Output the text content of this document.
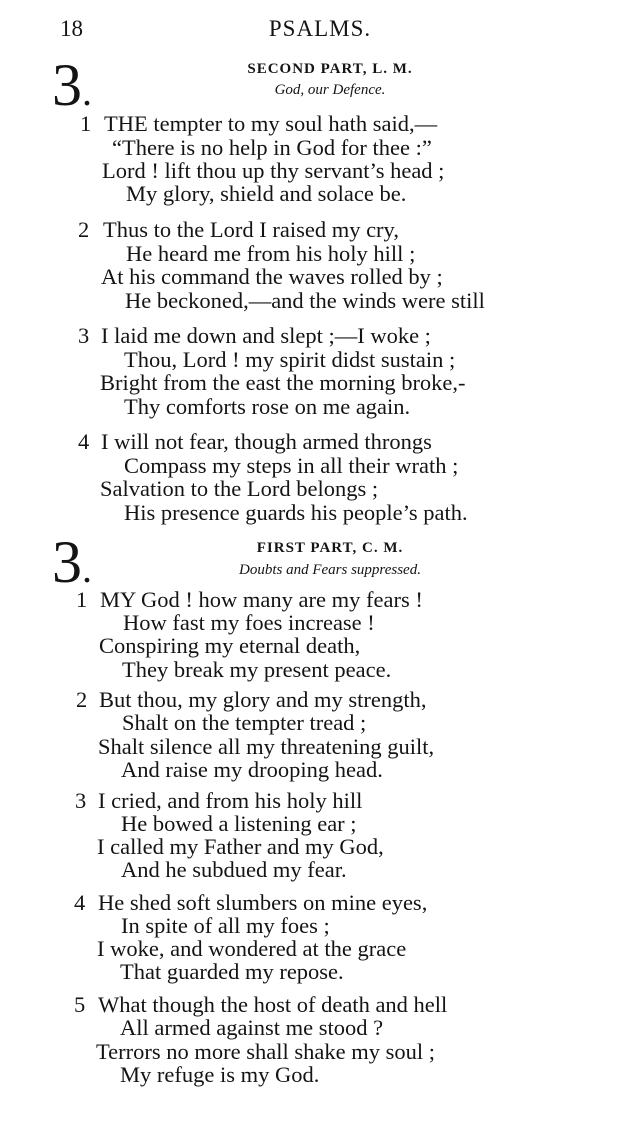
18	PSALMS.
3.	SECOND PART, L. M.
God, our Defence.
1 THE tempter to my soul hath said,—
“There is no help in God for thee :”
Lord ! lift thou up thy servant’s head ;
My glory, shield and solace be.
2 Thus to the Lord I raised my cry,
He heard me from his holy hill ;
At his command the waves rolled by ;
He beckoned,—and the winds were still
3 I laid me down and slept ;—I woke ;
Thou, Lord ! my spirit didst sustain ;
Bright from the east the morning broke,-
Thy comforts rose on me again.
4 I will not fear, though armed throngs
Compass my steps in all their wrath ;
Salvation to the Lord belongs ;
His presence guards his people’s path.
3.	FIRST PART, C. M.
Doubts and Fears suppressed.
1 MY God ! how many are my fears !
How fast my foes increase !
Conspiring my eternal death,
They break my present peace.
2 But thou, my glory and my strength,
Shalt on the tempter tread ;
Shalt silence all my threatening guilt,
And raise my drooping head.
3 I cried, and from his holy hill
He bowed a listening ear ;
I called my Father and my God,
And he subdued my fear.
4 He shed soft slumbers on mine eyes,
In spite of all my foes ;
I woke, and wondered at the grace
That guarded my repose.
5 What though the host of death and hell
All armed against me stood ?
Terrors no more shall shake my soul ;
My refuge is my God.
